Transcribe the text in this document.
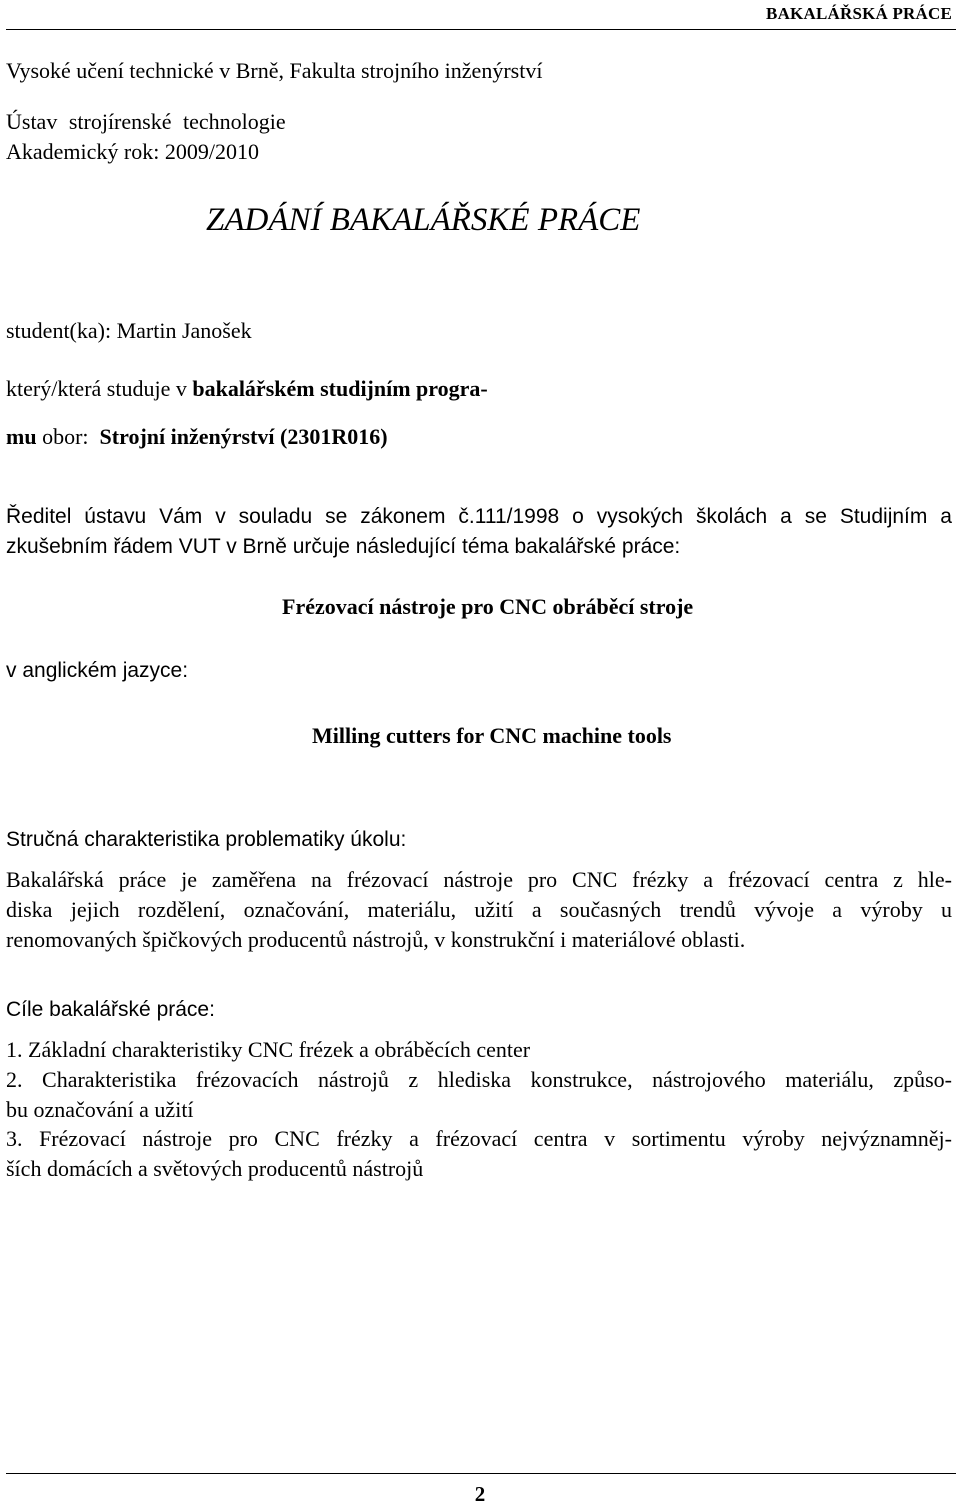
BAKALÁŘSKÁ PRÁCE
Vysoké učení technické v Brně, Fakulta strojního inženýrství
Ústav strojírenské technologie
Akademický rok: 2009/2010
ZADÁNÍ BAKALÁŘSKÉ PRÁCE
student(ka): Martin Janošek
který/která studuje v bakalářském studijním progra-
mu obor:  Strojní inženýrství (2301R016)
Ředitel ústavu Vám v souladu se zákonem č.111/1998 o vysokých školách a se Studijním a
zkušebním řádem VUT v Brně určuje následující téma bakalářské práce:
Frézovací nástroje pro CNC obráběcí stroje
v anglickém jazyce:
Milling cutters for CNC machine tools
Stručná charakteristika problematiky úkolu:
Bakalářská práce je zaměřena na frézovací nástroje pro CNC frézky a frézovací centra z hle-
diska jejich rozdělení, označování, materiálu, užití a současných trendů vývoje a výroby u
renomovaných špičkových producentů nástrojů, v konstrukční i materiálové oblasti.
Cíle bakalářské práce:
1. Základní charakteristiky CNC frézek a obráběcích center
2. Charakteristika frézovacích nástrojů z hlediska konstrukce, nástrojového materiálu, způso-
bu označování a užití
3. Frézovací nástroje pro CNC frézky a frézovací centra v sortimentu výroby nejvýznamněj-
ších domácích a světových producentů nástrojů
2
